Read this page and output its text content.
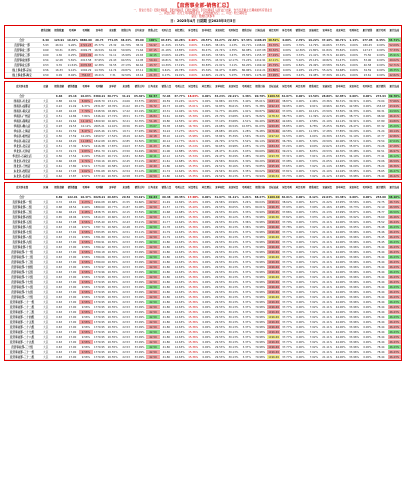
【直营事业部-销售汇总】
一、营业日设定：【统计期间】、【累计期间】、【同比期间】、【环比期间】以营业日计算，含当日及截止日期前的所有营业日
二、同比日期：若无上年同期营业日，同比数据为空；三、环比：较上期对比
备注：数据仅供参考
日：2025年4月 日期期 至2025年5月5日
销售金额	销售数量	毛利率	毛利额	客单价	来客数	销售日均	日均来客	销售占比	毛利占比	同比增长	环比增长	客单同比	来客同比	毛利同比	销售目标	目标达成	同比毛利	环比毛利	销售同比	客流同比	客单环比	来客环比	毛利环比	累计销售	累计毛利	累计达成
合计	6.46	123.91	10.42% 8886.00	26.73	771.65	48.24%	65.00	100%	94.33% 16.28%	0.00%	28.57% 34.27% 22.36% 97.33% 1108.25 40.52%	0.00%	2.70%	19.22% 47.16% 40.71%	1.14%	277.95	0.45%	34.71%
直营事业一部	5.93	46.54	9.26%	4722.23	25.77%	23.32	61.79%	38.32	54.97	11.34%	15.54%	0.00%	31.84%	38.16%	4.13%	91.71%	1198.61	39.70%	0.00%	3.76%	14.79%	44.66%	37.55%	0.00%	180.45	0.00%	52.09%
直营事业二部	0.69	59.31	8.05%	2049.75	16.54%	61.02	50.99%	71.64	67.15	21.18%	13.85%	0.00%	36.47%	22.74%	4.35%	66.08%	1107.08	30.32%	0.00%	12.36%	21.80%	61.84%	35.82%	0.00%	147.27	0.00%	77.33%
直营事业三部	0.00	4.36	6.25%	1015.99	20.71%	31.11	15.99%	22.65	42.15	13.06%	16.28%	0.00%	28.34%	33.56%	3.47%	95.55%	1155.37	37.19%	0.00%	3.33%	21.41%	35.71%	40.96%	0.00%	75.50	0.00%	45.91%
直营事业四部	0.54	12.28	5.81%	2013.58	37.65%	22.43	64.55%	12.95	50.44	16.81%	30.37%	0.00%	30.75%	43.31%	12.17%	72.24%	1212.91	42.11%	0.00%	5.02%	25.14%	49.82%	31.47%	0.00%	53.96	0.00%	49.02%
直营事业五部	0.53	9.76	11.54%	2076.83	12.38%	32.55	27.13%	60.64	43.77	14.39%	17.19%	0.00%	30.83%	21.91%	3.11%	82.20%	1169.42	45.79%	0.00%	6.84%	29.49%	43.58%	39.54%	0.00%	40.58	0.00%	52.71%
线上事业部-京东	0.56	16.33	9.12%	1004.29	14.79%	12.74	20.87%	47.11	34.30	9.61%	20.78%	0.00%	25.34%	32.47%	8.08%	86.96%	1112.21	31.86%	0.00%	4.18%	24.27%	55.22%	34.68%	0.00%	34.59	0.00%	48.35%
线上事业部-淘宝	0.50	6.09	8.94%	756.67	18.21%	7.31	32.50%	43.16	21.33	6.17%	19.91%	0.00%	22.60%	21.24%	5.07%	73.80%	1176.40	33.99%	0.00%	3.43%	19.48%	37.39%	26.14%	0.00%	23.61	0.00%	42.82%
直营事业部	店铺	销售金额	销售数量	毛利率	毛利额	客单价	来客数	销售日均	日均来客	销售占比	毛利占比	同比增长	环比增长	客单同比	来客同比	毛利同比	销售目标	目标达成	同比毛利	环比毛利	销售同比	客流同比	客单环比	来客环比	毛利环比	累计销售	累计达成
合计	6.66	25.16	10.03% 3380.21 30.77%	31.21	65.40%	82.57	72.04	37.77% 18.63%	0.00%	33.24% 29.21%	4.38%	90.78% 1109.54 32.07%	0.00%	14.59% 28.86% 42.85%	0.00%	0.00%	274.94	49.76%
西南区-川北店	大区	0.88	16.32	8.89%	2208.79	23.11%	24.06	33.57%	43.53	49.59	15.24%	14.07%	0.00%	32.86%	29.73%	3.40%	85.01%	1183.10	38.87%	0.00%	2.46%	23.36%	50.31%	30.31%	0.00%	70.04	77.66%
西南区-成都店	大区	0.22	21.49	6.37%	2331.87	18.76%	21.02	28.17%	34.72	49.73	10.94%	15.01%	0.00%	32.83%	36.61%	3.80%	71.38%	1192.23	39.95%	0.00%	9.91%	19.96%	40.59%	42.58%	0.00%	153.67	43.94%
西南区-重庆店	大区	0.48	16.03	7.79%	1548.56	18.09%	17.22	63.19%	51.27	43.31	12.04%	14.74%	0.00%	31.77%	26.28%	1.91%	80.87%	1262.22	37.93%	0.00%	10.12%	23.50%	53.50%	34.33%	0.00%	80.31	44.56%
华南区-广州店	大区	0.51	14.86	7.84%	1346.44	27.72%	18.51	31.73%	46.84	34.61	10.69%	15.39%	0.00%	25.70%	23.68%	6.92%	76.82%	1178.32	38.75%	0.00%	11.39%	22.22%	45.08%	38.77%	0.00%	98.99	46.41%
华南区-深圳店	大区	0.42	19.64	12.41%	1809.90	16.40%	32.21	32.35%	51.48	29.80	14.55%	12.18%	0.00%	37.10%	33.68%	4.51%	84.40%	1235.82	42.66%	0.00%	2.58%	21.19%	44.14%	32.91%	0.00%	67.89	44.80%
华南区-佛山店	大区	0.93	19.53	10.12%	2005.21	14.10%	20.56	35.92%	33.67	39.38	13.66%	16.76%	0.00%	24.68%	26.54%	10.87%	81.03%	1249.65	35.85%	0.00%	6.78%	15.25%	39.89%	26.47%	0.00%	87.32	45.20%
华东区-上海店	大区	0.61	15.59	8.47%	2165.46	21.33%	19.71	37.93%	62.95	34.24	17.27%	18.07%	0.00%	28.68%	28.10%	2.28%	76.48%	1176.66	40.58%	0.00%	11.35%	17.28%	37.85%	30.20%	0.00%	74.24	49.14%
华东区-杭州店	大区	0.50	17.59	10.20%	1659.57	17.52%	18.29	22.62%	42.18	38.10	14.41%	15.98%	0.00%	33.84%	35.39%	1.56%	78.44%	1197.02	31.53%	0.00%	4.04%	24.39%	43.52%	31.10%	0.00%	47.77	42.86%
华东区-南京店	大区	0.64	18.20	11.06%	1812.68	22.05%	22.85	34.50%	37.59	40.14	11.77%	16.61%	0.00%	26.79%	27.07%	3.52%	84.14%	1210.35	36.76%	0.00%	5.30%	20.59%	40.06%	35.51%	0.00%	79.54	47.04%
华北区-北京店	大区	0.51	17.30	8.52%	1616.38	17.87%	24.03	37.52%	41.23	45.80	13.62%	15.24%	0.00%	30.65%	29.98%	4.05%	74.13%	1184.32	37.24%	0.00%	9.00%	22.62%	43.03%	35.87%	0.00%	70.26	47.28%
华北区-天津店	大区	0.72	19.74	9.83%	1851.79	21.44%	23.50	34.49%	44.59	41.06	12.88%	15.58%	0.00%	28.47%	31.24%	3.03%	80.69%	1201.51	39.21%	0.00%	8.05%	20.53%	46.30%	33.48%	0.00%	82.51	46.97%
华北区-石家庄店	大区	0.56	17.54	9.29%	1756.23	20.71%	22.81	32.84%	42.11	42.12	12.51%	15.34%	0.00%	29.47%	30.29%	3.48%	79.49%	1193.78	37.31%	0.00%	7.91%	21.23%	43.55%	34.10%	0.00%	77.41	46.12%
西北区-西安店	大区	0.66	18.05	9.74%	1790.16	20.45%	22.45	33.21%	42.87	41.61	12.68%	15.36%	0.00%	29.56%	30.04%	3.30%	80.20%	1198.19	37.98%	0.00%	7.93%	21.05%	44.20%	33.90%	0.00%	79.06	46.59%
西北区-兰州店	大区	0.61	17.80	9.51%	1773.20	20.58%	22.63	33.02%	42.49	41.86	12.60%	15.35%	0.00%	29.51%	30.16%	3.39%	79.85%	1195.99	37.65%	0.00%	7.92%	21.14%	43.88%	34.00%	0.00%	78.24	46.36%
东北区-沈阳店	大区	0.64	17.93	9.62%	1781.68	20.52%	22.54	33.12%	42.68	41.74	12.64%	15.36%	0.00%	29.54%	30.10%	3.35%	80.02%	1197.09	37.81%	0.00%	7.92%	21.10%	44.04%	33.95%	0.00%	78.65	46.47%
东北区-长春店	大区	0.62	17.87	9.57%	1777.44	20.55%	22.58	33.07%	42.59	41.80	12.62%	15.35%	0.00%	29.52%	30.13%	3.37%	79.94%	1196.54	37.73%	0.00%	7.92%	21.12%	43.96%	33.98%	0.00%	78.44	46.42%
直营事业部	区域	销售金额	销售数量	毛利率	毛利额	客单价	来客数	销售日均	日均来客	销售占比	毛利占比	同比增长	环比增长	客单同比	来客同比	毛利同比	销售目标	目标达成	同比毛利	环比毛利	销售同比	客流同比	客单环比	来客环比	毛利环比	累计销售	累计达成
合计	6.89	122.91	10.47% 4628.21 26.84%	29.52	54.19%	69.63	60.48	28.35% 17.48%	0.00%	31.97% 31.11%	4.21%	88.27% 1109.60 36.01%	0.00%	8.12%	22.03% 44.38%	0.00%	0.00%	253.09	48.16%
直营事业部-一组	大区	0.72	18.91	9.23%	1994.08	20.68%	21.55	34.66%	42.52	41.49	12.84%	15.49%	0.00%	29.56%	29.96%	3.24%	80.04%	1196.01	38.02%	0.00%	8.07%	21.22%	43.95%	33.56%	0.00%	79.75	46.74%
直营事业部-二组	大区	0.68	18.54	9.40%	1889.60	20.77%	21.87	34.08%	42.59	41.57	12.74%	15.40%	0.00%	29.53%	30.05%	3.30%	80.01%	1196.35	37.93%	0.00%	7.99%	21.16%	43.98%	33.73%	0.00%	79.10	46.58%
直营事业部-三组	大区	0.66	18.22	9.48%	1838.75	20.65%	22.15	33.59%	42.58	41.68	12.68%	15.37%	0.00%	29.53%	30.10%	3.33%	79.99%	1196.45	37.86%	0.00%	7.95%	21.13%	43.99%	33.87%	0.00%	78.77	46.50%
直营事业部-四组	大区	0.65	18.06	9.53%	1810.23	20.60%	22.33	33.34%	42.59	41.74	12.65%	15.36%	0.00%	29.53%	30.12%	3.35%	79.98%	1196.56	37.82%	0.00%	7.93%	21.12%	44.00%	33.92%	0.00%	78.60	46.46%
直营事业部-五组	大区	0.64	17.98	9.56%	1795.40	20.57%	22.43	33.21%	42.59	41.77	12.64%	15.36%	0.00%	29.53%	30.13%	3.36%	79.98%	1196.63	37.79%	0.00%	7.93%	21.11%	44.00%	33.94%	0.00%	78.52	46.44%
直营事业部-六组	大区	0.63	17.94	9.57%	1787.74	20.56%	22.48	33.15%	42.59	41.78	12.63%	15.36%	0.00%	29.53%	30.13%	3.36%	79.98%	1196.66	37.78%	0.00%	7.92%	21.11%	44.00%	33.95%	0.00%	78.48	46.43%
直营事业部-七组	大区	0.63	17.92	9.58%	1783.85	20.55%	22.51	33.11%	42.59	41.79	12.63%	15.36%	0.00%	29.53%	30.13%	3.37%	79.98%	1196.68	37.77%	0.00%	7.92%	21.11%	44.00%	33.96%	0.00%	78.46	46.43%
直营事业部-八组	大区	0.63	17.91	9.58%	1781.89	20.55%	22.52	33.10%	42.59	41.79	12.63%	15.36%	0.00%	29.53%	30.13%	3.37%	79.98%	1196.69	37.77%	0.00%	7.92%	21.11%	44.00%	33.96%	0.00%	78.45	46.43%
直营事业部-九组	大区	0.63	17.90	9.58%	1780.91	20.55%	22.53	33.09%	42.59	41.80	12.63%	15.36%	0.00%	29.53%	30.13%	3.37%	79.98%	1196.69	37.77%	0.00%	7.92%	21.11%	44.00%	33.96%	0.00%	78.45	46.43%
直营事业部-十组	大区	0.63	17.90	9.58%	1780.42	20.55%	22.53	33.09%	42.59	41.80	12.63%	15.36%	0.00%	29.53%	30.13%	3.37%	79.98%	1196.69	37.77%	0.00%	7.92%	21.11%	44.00%	33.96%	0.00%	78.44	46.43%
直营事业部-十一组	大区	0.63	17.90	9.58%	1780.18	20.55%	22.53	33.09%	42.59	41.80	12.63%	15.36%	0.00%	29.53%	30.13%	3.37%	79.98%	1196.69	37.77%	0.00%	7.92%	21.11%	44.00%	33.96%	0.00%	78.44	46.43%
直营事业部-十二组	大区	0.63	17.90	9.58%	1780.06	20.55%	22.53	33.09%	42.59	41.80	12.63%	15.36%	0.00%	29.53%	30.13%	3.37%	79.98%	1196.69	37.77%	0.00%	7.92%	21.11%	44.00%	33.96%	0.00%	78.44	46.43%
直营事业部-十三组	大区	0.63	17.90	9.58%	1780.00	20.55%	22.53	33.09%	42.59	41.80	12.63%	15.36%	0.00%	29.53%	30.13%	3.37%	79.98%	1196.69	37.77%	0.00%	7.92%	21.11%	44.00%	33.96%	0.00%	78.44	46.43%
直营事业部-十四组	大区	0.63	17.90	9.58%	1779.97	20.55%	22.53	33.09%	42.59	41.80	12.63%	15.36%	0.00%	29.53%	30.13%	3.37%	79.98%	1196.69	37.77%	0.00%	7.92%	21.11%	44.00%	33.96%	0.00%	78.44	46.43%
直营事业部-十五组	大区	0.63	17.90	9.58%	1779.96	20.55%	22.53	33.09%	42.59	41.80	12.63%	15.36%	0.00%	29.53%	30.13%	3.37%	79.98%	1196.69	37.77%	0.00%	7.92%	21.11%	44.00%	33.96%	0.00%	78.44	46.43%
直营事业部-十六组	大区	0.63	17.90	9.58%	1779.95	20.55%	22.53	33.09%	42.59	41.80	12.63%	15.36%	0.00%	29.53%	30.13%	3.37%	79.98%	1196.69	37.77%	0.00%	7.92%	21.11%	44.00%	33.96%	0.00%	78.44	46.43%
直营事业部-十七组	大区	0.63	17.90	9.58%	1779.95	20.55%	22.53	33.09%	42.59	41.80	12.63%	15.36%	0.00%	29.53%	30.13%	3.37%	79.98%	1196.69	37.77%	0.00%	7.92%	21.11%	44.00%	33.96%	0.00%	78.44	46.43%
直营事业部-十八组	大区	0.63	17.90	9.58%	1779.95	20.55%	22.53	33.09%	42.59	41.80	12.63%	15.36%	0.00%	29.53%	30.13%	3.37%	79.98%	1196.69	37.77%	0.00%	7.92%	21.11%	44.00%	33.96%	0.00%	78.44	46.43%
直营事业部-十九组	大区	0.63	17.90	9.58%	1779.95	20.55%	22.53	33.09%	42.59	41.80	12.63%	15.36%	0.00%	29.53%	30.13%	3.37%	79.98%	1196.69	37.77%	0.00%	7.92%	21.11%	44.00%	33.96%	0.00%	78.44	46.43%
直营事业部-二十组	大区	0.63	17.90	9.58%	1779.95	20.55%	22.53	33.09%	42.59	41.80	12.63%	15.36%	0.00%	29.53%	30.13%	3.37%	79.98%	1196.69	37.77%	0.00%	7.92%	21.11%	44.00%	33.96%	0.00%	78.44	46.43%
直营事业部-二十一组	大区	0.63	17.90	9.58%	1779.95	20.55%	22.53	33.09%	42.59	41.80	12.63%	15.36%	0.00%	29.53%	30.13%	3.37%	79.98%	1196.69	37.77%	0.00%	7.92%	21.11%	44.00%	33.96%	0.00%	78.44	46.43%
直营事业部-二十二组	大区	0.63	17.90	9.58%	1779.95	20.55%	22.53	33.09%	42.59	41.80	12.63%	15.36%	0.00%	29.53%	30.13%	3.37%	79.98%	1196.69	37.77%	0.00%	7.92%	21.11%	44.00%	33.96%	0.00%	78.44	46.43%
直营事业部-二十三组	大区	0.63	17.90	9.58%	1779.95	20.55%	22.53	33.09%	42.59	41.80	12.63%	15.36%	0.00%	29.53%	30.13%	3.37%	79.98%	1196.69	37.77%	0.00%	7.92%	21.11%	44.00%	33.96%	0.00%	78.44	46.43%
直营事业部-二十四组	大区	0.63	17.90	9.58%	1779.95	20.55%	22.53	33.09%	42.59	41.80	12.63%	15.36%	0.00%	29.53%	30.13%	3.37%	79.98%	1196.69	37.77%	0.00%	7.92%	21.11%	44.00%	33.96%	0.00%	78.44	46.43%
直营事业部-二十五组	大区	0.63	17.90	9.58%	1779.95	20.55%	22.53	33.09%	42.59	41.80	12.63%	15.36%	0.00%	29.53%	30.13%	3.37%	79.98%	1196.69	37.77%	0.00%	7.92%	21.11%	44.00%	33.96%	0.00%	78.44	46.43%
直营事业部-二十六组	大区	0.63	17.90	9.58%	1779.95	20.55%	22.53	33.09%	42.59	41.80	12.63%	15.36%	0.00%	29.53%	30.13%	3.37%	79.98%	1196.69	37.77%	0.00%	7.92%	21.11%	44.00%	33.96%	0.00%	78.44	46.43%
直营事业部-二十七组	大区	0.63	17.90	9.58%	1779.95	20.55%	22.53	33.09%	42.59	41.80	12.63%	15.36%	0.00%	29.53%	30.13%	3.37%	79.98%	1196.69	37.77%	0.00%	7.92%	21.11%	44.00%	33.96%	0.00%	78.44	46.43%
直营事业部-二十八组	大区	0.63	17.90	9.58%	1779.95	20.55%	22.53	33.09%	42.59	41.80	12.63%	15.36%	0.00%	29.53%	30.13%	3.37%	79.98%	1196.69	37.77%	0.00%	7.92%	21.11%	44.00%	33.96%	0.00%	78.44	46.43%
直营事业部-二十九组	大区	0.63	17.90	9.58%	1779.95	20.55%	22.53	33.09%	42.59	41.80	12.63%	15.36%	0.00%	29.53%	30.13%	3.37%	79.98%	1196.69	37.77%	0.00%	7.92%	21.11%	44.00%	33.96%	0.00%	78.44	46.43%
直营事业部-三十组	大区	0.63	17.90	9.58%	1779.95	20.55%	22.53	33.09%	42.59	41.80	12.63%	15.36%	0.00%	29.53%	30.13%	3.37%	79.98%	1196.69	37.77%	0.00%	7.92%	21.11%	44.00%	33.96%	0.00%	78.44	46.43%
直营事业部-三十一组	大区	0.63	17.90	9.58%	1779.95	20.55%	22.53	33.09%	42.59	41.80	12.63%	15.36%	0.00%	29.53%	30.13%	3.37%	79.98%	1196.69	37.77%	0.00%	7.92%	21.11%	44.00%	33.96%	0.00%	78.44	46.43%
直营事业部-三十二组	大区	0.63	17.90	9.58%	1779.95	20.55%	22.53	33.09%	42.59	41.80	12.63%	15.36%	0.00%	29.53%	30.13%	3.37%	79.98%	1196.69	37.77%	0.00%	7.92%	21.11%	44.00%	33.96%	0.00%	78.44	46.43%
